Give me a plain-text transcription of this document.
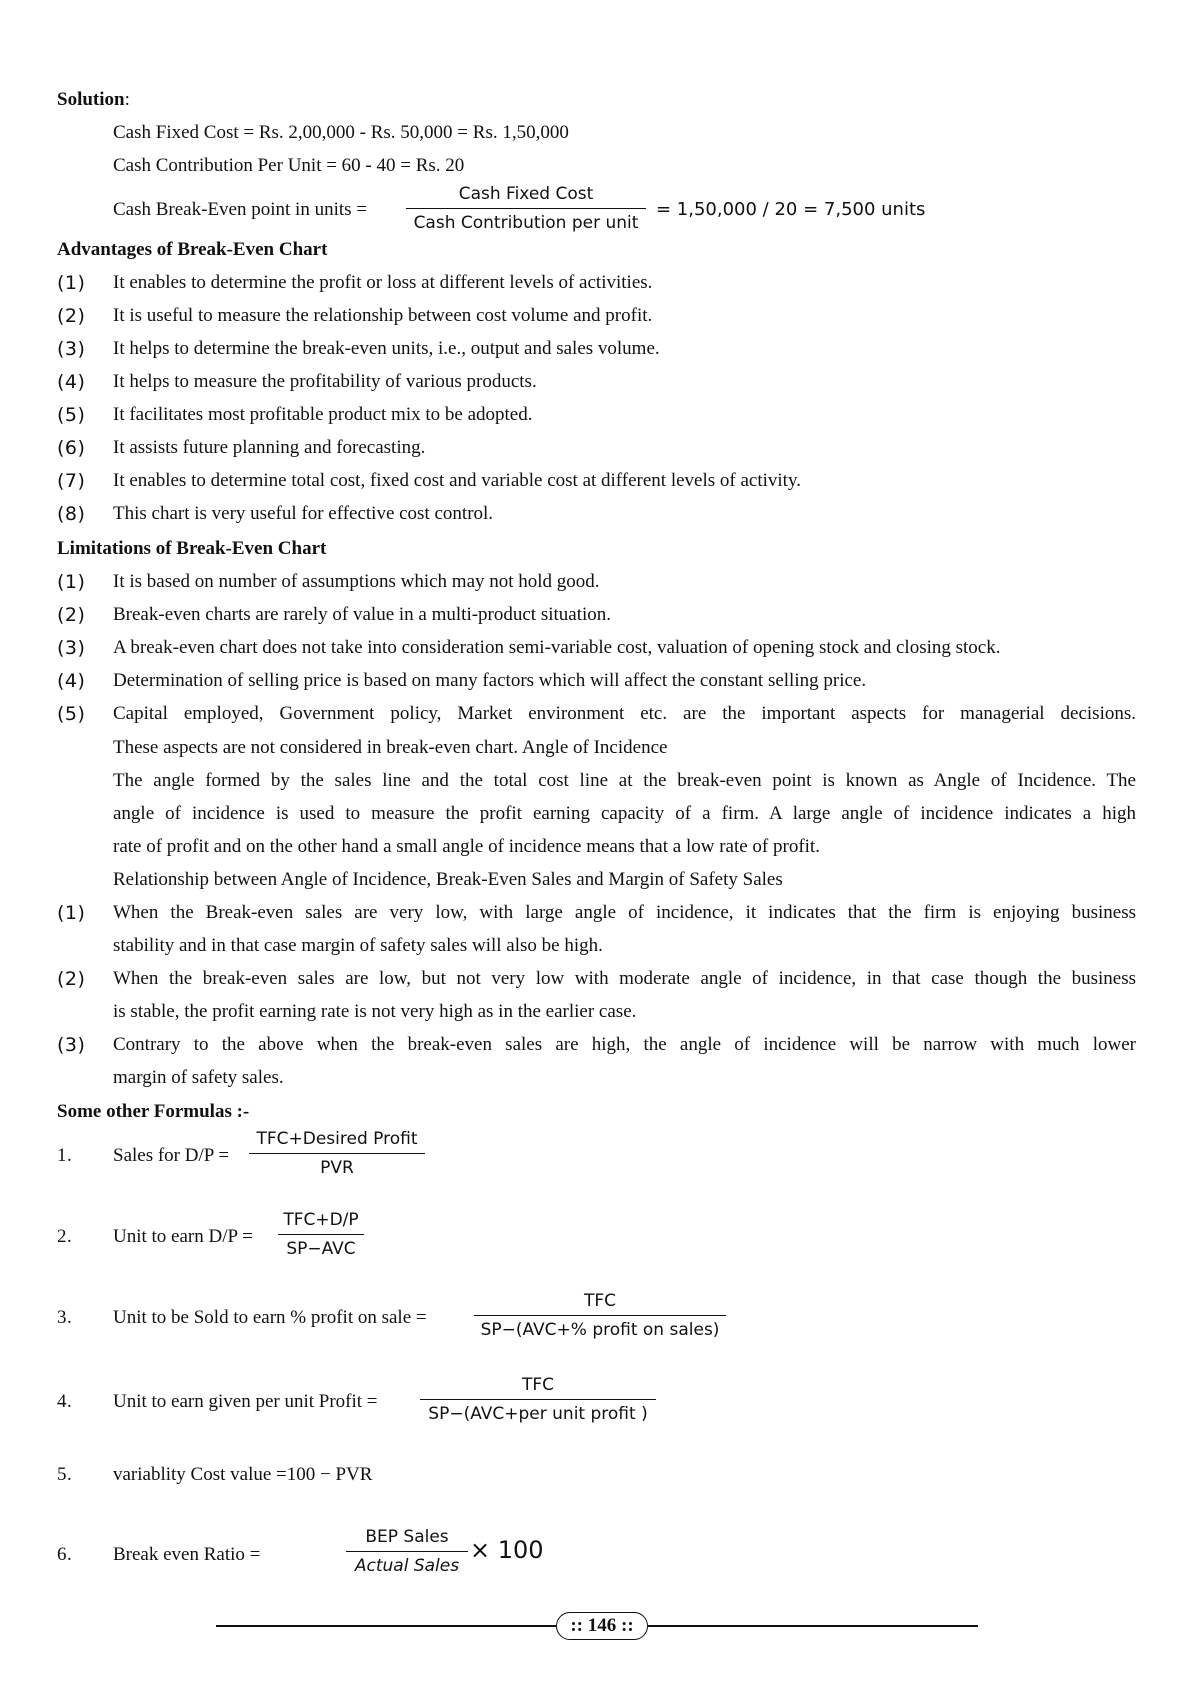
Solution:
Cash Fixed Cost = Rs. 2,00,000 - Rs. 50,000 = Rs. 1,50,000
Cash Contribution Per Unit = 60 - 40 = Rs. 20
Cash Break-Even point in units =
Cash Fixed Cost
Cash Contribution per unit
= 1,50,000 / 20 = 7,500 units
Advantages of Break-Even Chart
(1) It enables to determine the profit or loss at different levels of activities.
(2) It is useful to measure the relationship between cost volume and profit.
(3) It helps to determine the break-even units, i.e., output and sales volume.
(4) It helps to measure the profitability of various products.
(5) It facilitates most profitable product mix to be adopted.
(6) It assists future planning and forecasting.
(7) It enables to determine total cost, fixed cost and variable cost at different levels of activity.
(8) This chart is very useful for effective cost control.
Limitations of Break-Even Chart
(1) It is based on number of assumptions which may not hold good.
(2) Break-even charts are rarely of value in a multi-product situation.
(3) A break-even chart does not take into consideration semi-variable cost, valuation of opening stock and closing stock.
(4) Determination of selling price is based on many factors which will affect the constant selling price.
(5) Capital employed, Government policy, Market environment etc. are the important aspects for managerial decisions.
These aspects are not considered in break-even chart. Angle of Incidence
The angle formed by the sales line and the total cost line at the break-even point is known as Angle of Incidence. The
angle of incidence is used to measure the profit earning capacity of a firm. A large angle of incidence indicates a high
rate of profit and on the other hand a small angle of incidence means that a low rate of profit.
Relationship between Angle of Incidence, Break-Even Sales and Margin of Safety Sales
(1) When the Break-even sales are very low, with large angle of incidence, it indicates that the firm is enjoying business
stability and in that case margin of safety sales will also be high.
(2) When the break-even sales are low, but not very low with moderate angle of incidence, in that case though the business
is stable, the profit earning rate is not very high as in the earlier case.
(3) Contrary to the above when the break-even sales are high, the angle of incidence will be narrow with much lower
margin of safety sales.
Some other Formulas :-
1. Sales for D/P =
TFC+Desired Profit
PVR
2. Unit to earn D/P =
TFC+D/P
SP−AVC
3. Unit to be Sold to earn % profit on sale =
TFC
SP−(AVC+% profit on sales)
4. Unit to earn given per unit Profit =
TFC
SP−(AVC+per unit profit )
5. variablity Cost value =100 − PVR
6. Break even Ratio =
BEP Sales
Actual Sales
× 100
:: 146 ::
